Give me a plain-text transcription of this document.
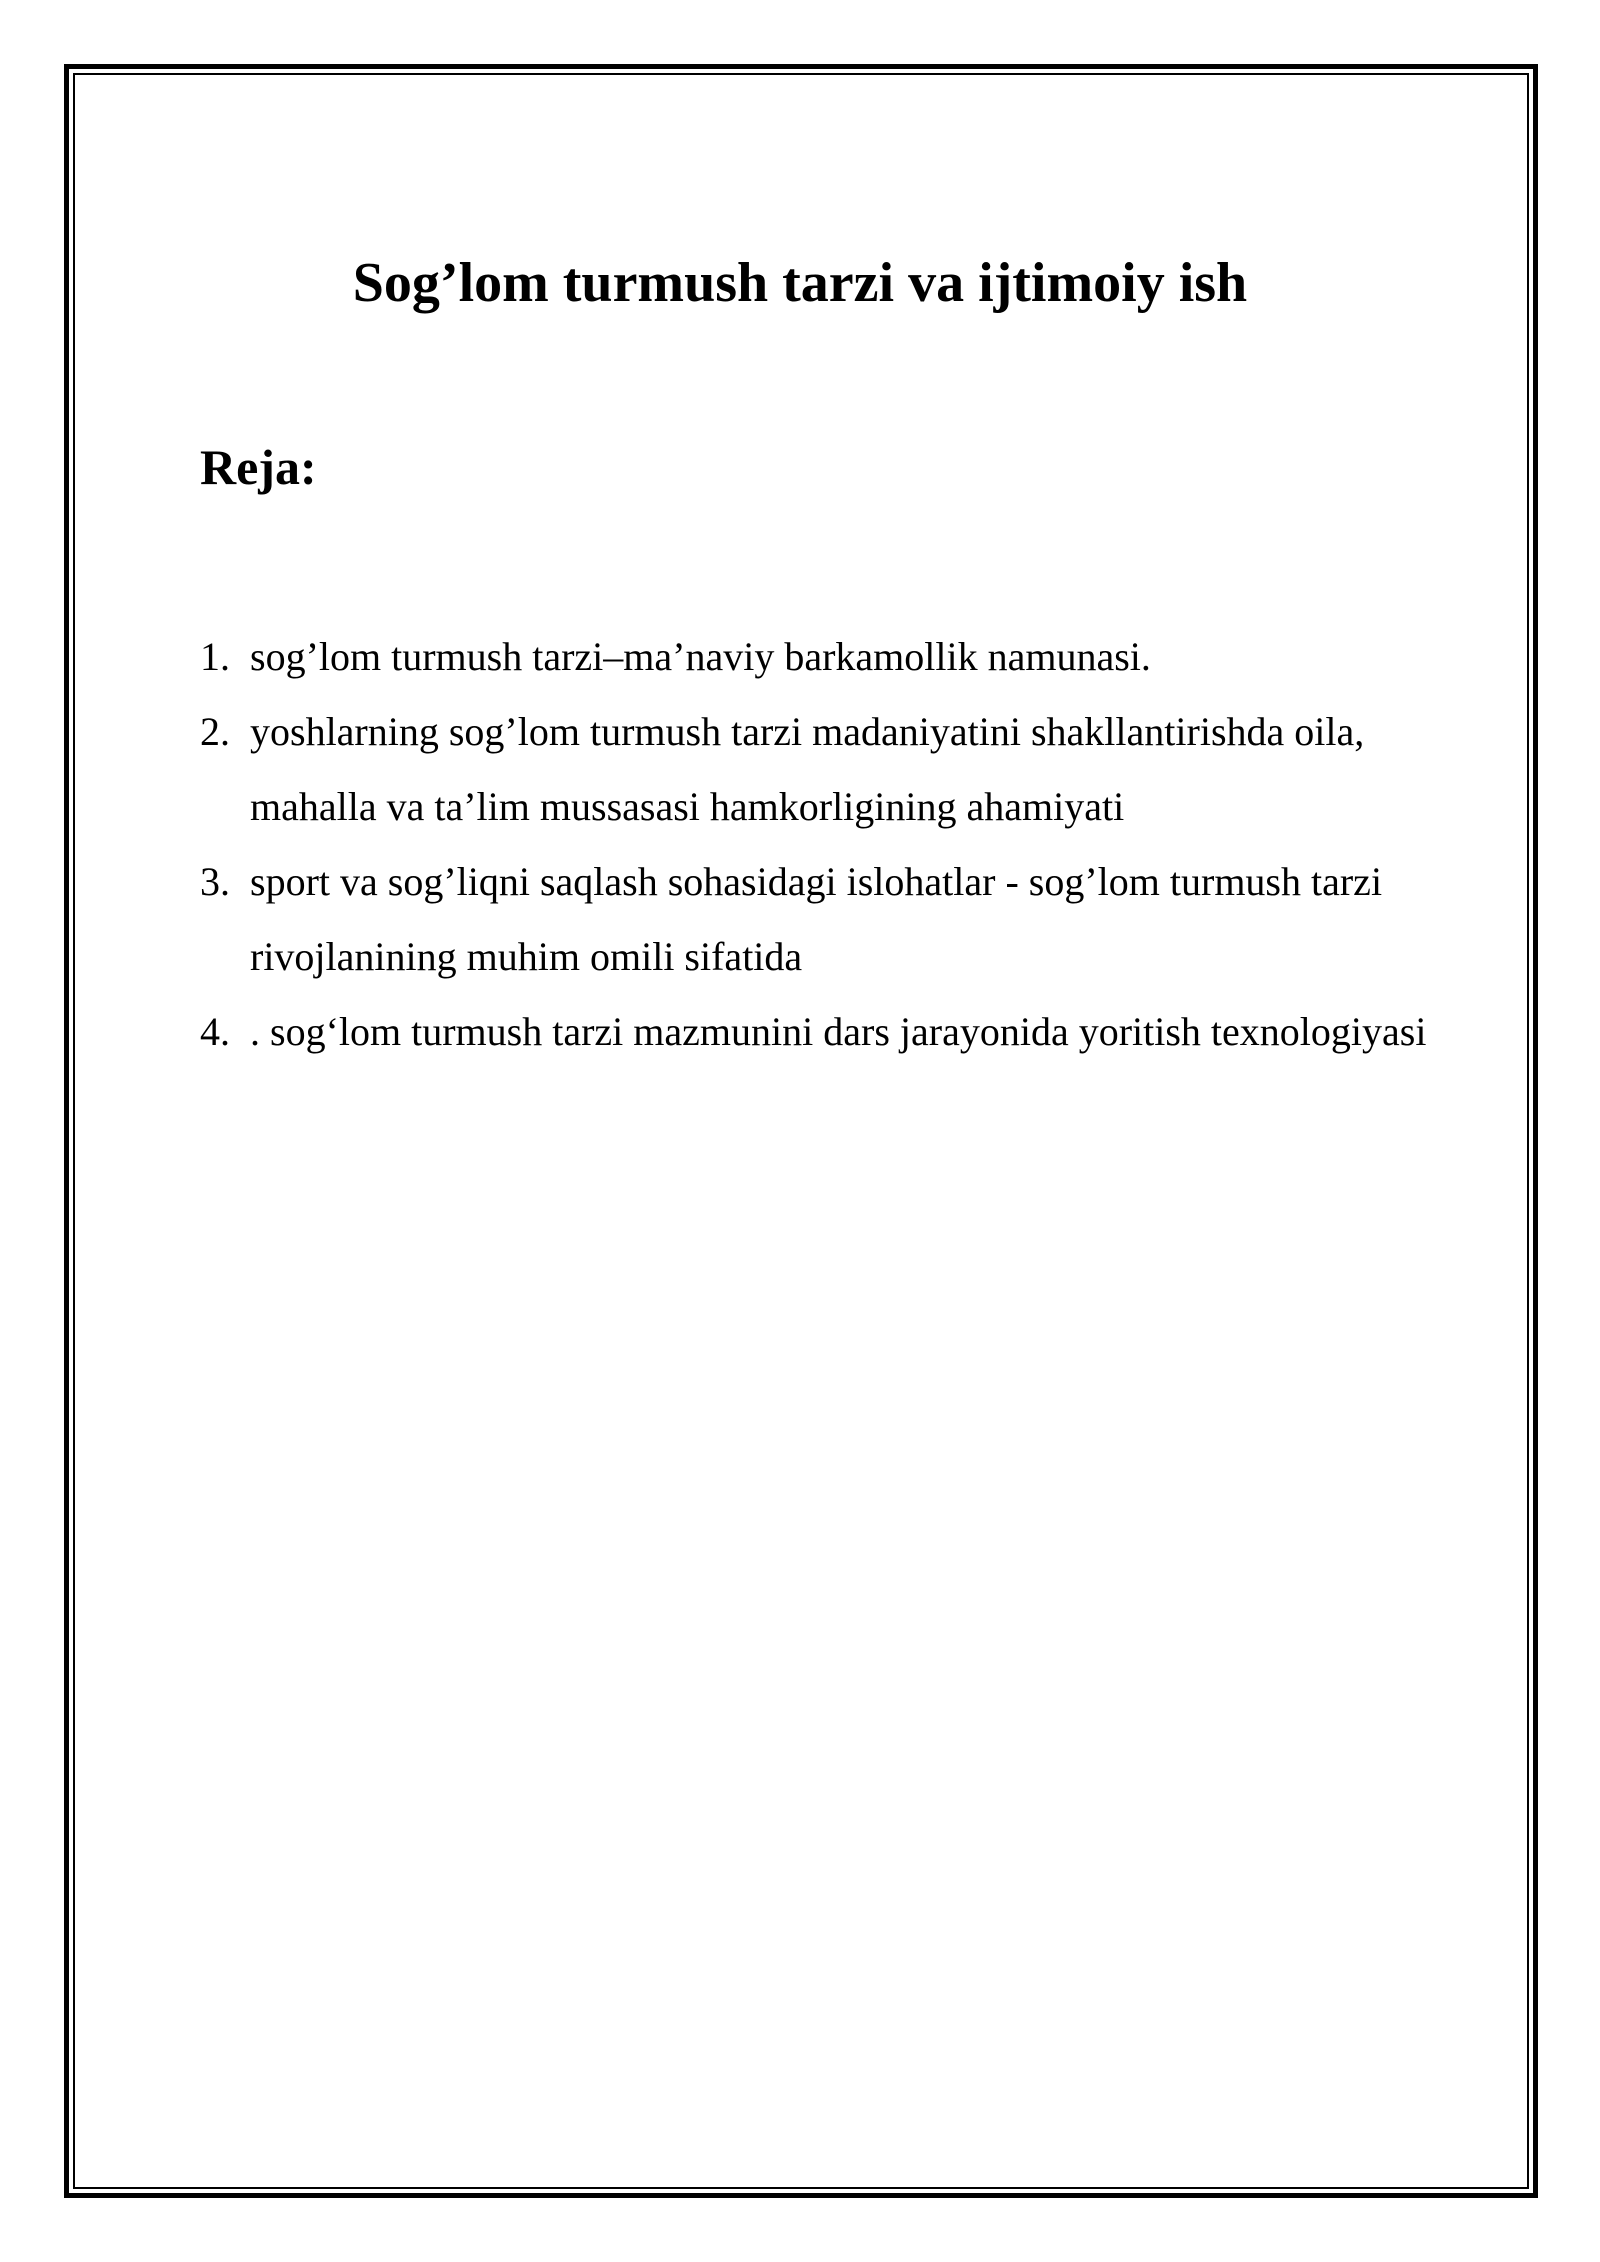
Sog’lom turmush tarzi va ijtimoiy ish
Reja:
1. sog’lom turmush tarzi–ma’naviy barkamollik namunasi.
2. yoshlarning sog’lom turmush tarzi madaniyatini shakllantirishda oila, mahalla va ta’lim mussasasi hamkorligining ahamiyati
3. sport va sog’liqni saqlash sohasidagi islohatlar - sog’lom turmush tarzi rivojlanining muhim omili sifatida
4. . sog‘lom turmush tarzi mazmunini dars jarayonida yoritish texnologiyasi
